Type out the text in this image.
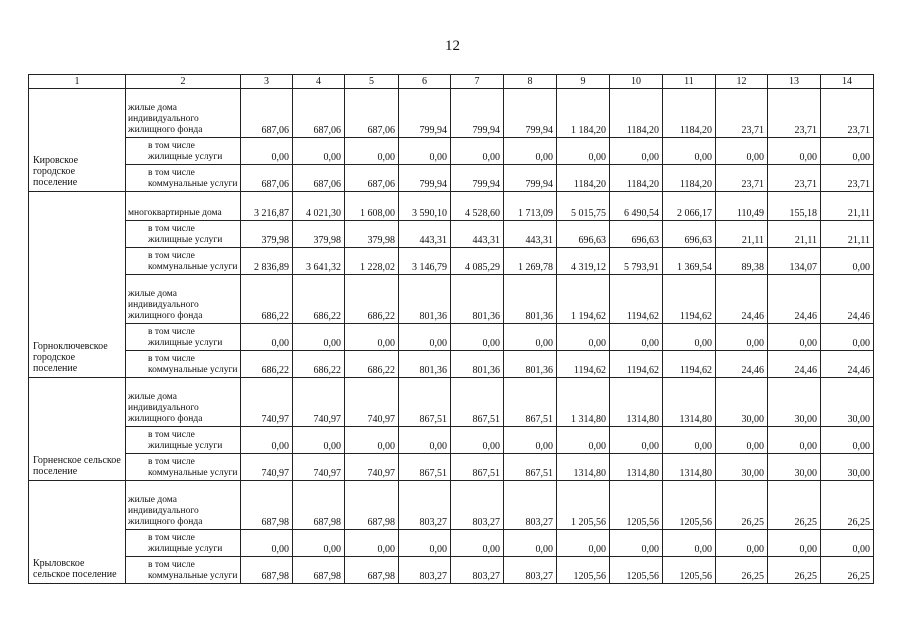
12
1	2	3	4	5	6	7	8	9	10	11	12	13	14
Кировское городское поселение	жилые дома индивидуального жилищного фонда	687,06	687,06	687,06	799,94	799,94	799,94	1 184,20	1184,20	1184,20	23,71	23,71	23,71
	в том числе жилищные услуги	0,00	0,00	0,00	0,00	0,00	0,00	0,00	0,00	0,00	0,00	0,00	0,00
	в том числе коммунальные услуги	687,06	687,06	687,06	799,94	799,94	799,94	1184,20	1184,20	1184,20	23,71	23,71	23,71
Горноключевское городское поселение	многоквартирные дома	3 216,87	4 021,30	1 608,00	3 590,10	4 528,60	1 713,09	5 015,75	6 490,54	2 066,17	110,49	155,18	21,11
	в том числе жилищные услуги	379,98	379,98	379,98	443,31	443,31	443,31	696,63	696,63	696,63	21,11	21,11	21,11
	в том числе коммунальные услуги	2 836,89	3 641,32	1 228,02	3 146,79	4 085,29	1 269,78	4 319,12	5 793,91	1 369,54	89,38	134,07	0,00
	жилые дома индивидуального жилищного фонда	686,22	686,22	686,22	801,36	801,36	801,36	1 194,62	1194,62	1194,62	24,46	24,46	24,46
	в том числе жилищные услуги	0,00	0,00	0,00	0,00	0,00	0,00	0,00	0,00	0,00	0,00	0,00	0,00
	в том числе коммунальные услуги	686,22	686,22	686,22	801,36	801,36	801,36	1194,62	1194,62	1194,62	24,46	24,46	24,46
Горненское сельское поселение	жилые дома индивидуального жилищного фонда	740,97	740,97	740,97	867,51	867,51	867,51	1 314,80	1314,80	1314,80	30,00	30,00	30,00
	в том числе жилищные услуги	0,00	0,00	0,00	0,00	0,00	0,00	0,00	0,00	0,00	0,00	0,00	0,00
	в том числе коммунальные услуги	740,97	740,97	740,97	867,51	867,51	867,51	1314,80	1314,80	1314,80	30,00	30,00	30,00
Крыловское сельское поселение	жилые дома индивидуального жилищного фонда	687,98	687,98	687,98	803,27	803,27	803,27	1 205,56	1205,56	1205,56	26,25	26,25	26,25
	в том числе жилищные услуги	0,00	0,00	0,00	0,00	0,00	0,00	0,00	0,00	0,00	0,00	0,00	0,00
	в том числе коммунальные услуги	687,98	687,98	687,98	803,27	803,27	803,27	1205,56	1205,56	1205,56	26,25	26,25	26,25
